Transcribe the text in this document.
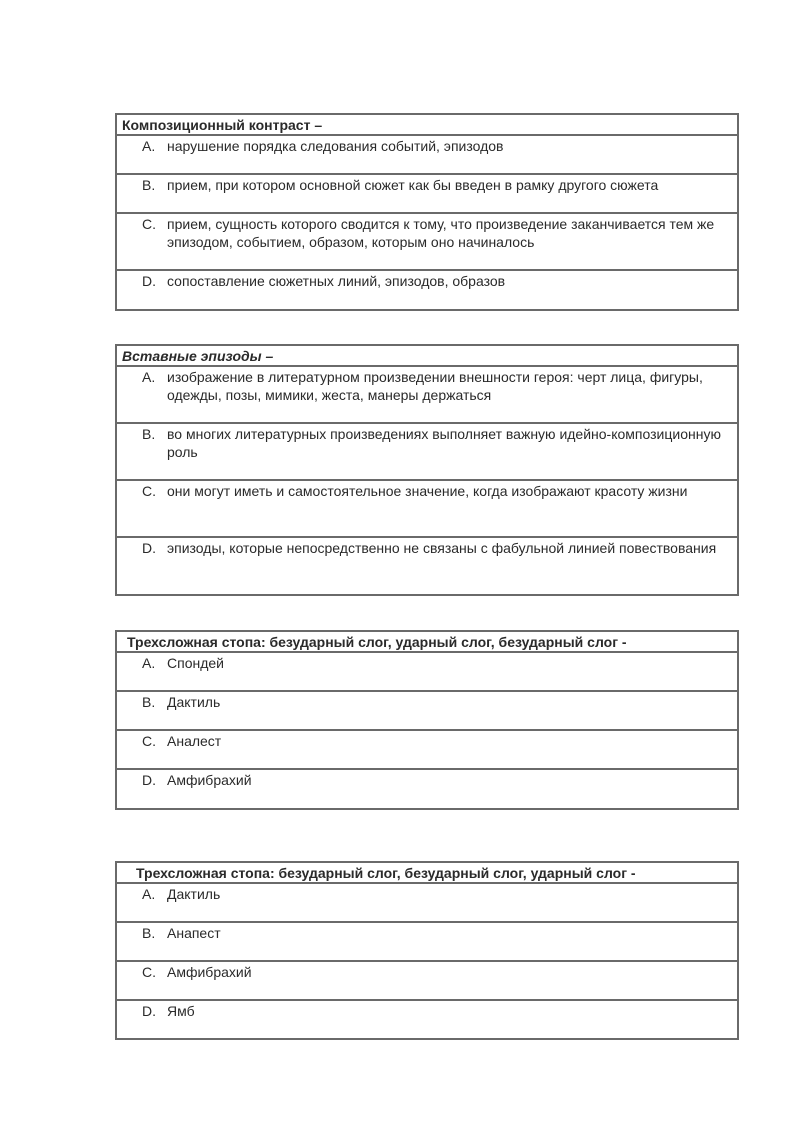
Композиционный контраст –
A. нарушение порядка следования событий, эпизодов
B. прием, при котором основной сюжет как бы введен в рамку другого сюжета
C. прием, сущность которого сводится к тому, что произведение заканчивается тем же эпизодом, событием, образом, которым оно начиналось
D. сопоставление сюжетных линий, эпизодов, образов
Вставные эпизоды –
A. изображение в литературном произведении внешности героя: черт лица, фигуры, одежды, позы, мимики, жеста, манеры держаться
B. во многих литературных произведениях выполняет важную идейно-композиционную роль
C. они могут иметь и самостоятельное значение, когда изображают красоту жизни
D. эпизоды, которые непосредственно не связаны с фабульной линией повествования
Трехсложная стопа: безударный слог, ударный слог, безударный слог -
A. Спондей
B. Дактиль
C. Аналест
D. Амфибрахий
Трехсложная стопа: безударный слог, безударный слог, ударный слог -
A. Дактиль
B. Анапест
C. Амфибрахий
D. Ямб
